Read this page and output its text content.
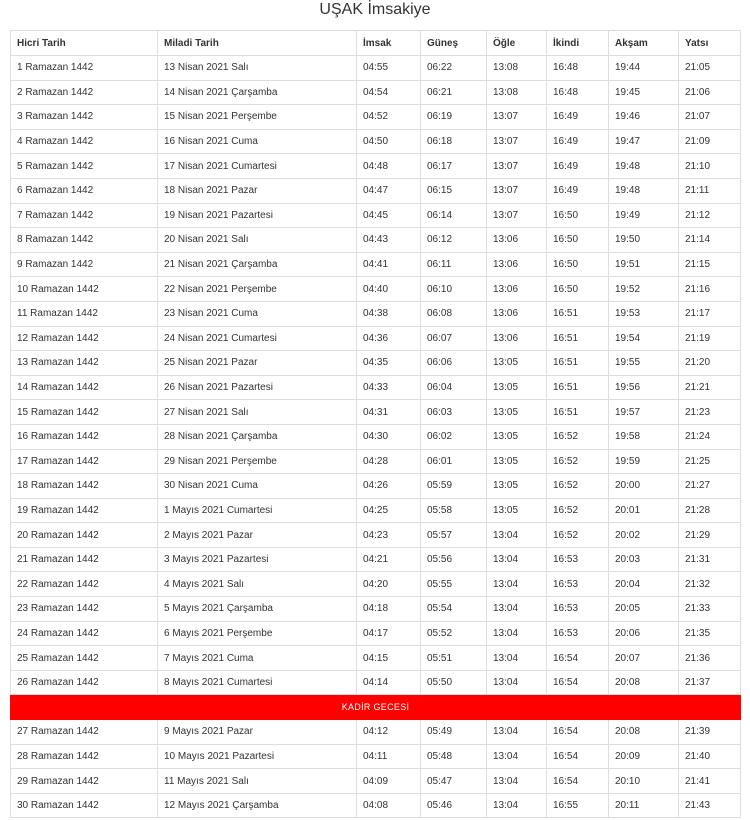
UŞAK İmsakiye
Hicri Tarih	Miladi Tarih	İmsak	Güneş	Öğle	İkindi	Akşam	Yatsı
1 Ramazan 1442	13 Nisan 2021 Salı	04:55	06:22	13:08	16:48	19:44	21:05
2 Ramazan 1442	14 Nisan 2021 Çarşamba	04:54	06:21	13:08	16:48	19:45	21:06
3 Ramazan 1442	15 Nisan 2021 Perşembe	04:52	06:19	13:07	16:49	19:46	21:07
4 Ramazan 1442	16 Nisan 2021 Cuma	04:50	06:18	13:07	16:49	19:47	21:09
5 Ramazan 1442	17 Nisan 2021 Cumartesi	04:48	06:17	13:07	16:49	19:48	21:10
6 Ramazan 1442	18 Nisan 2021 Pazar	04:47	06:15	13:07	16:49	19:48	21:11
7 Ramazan 1442	19 Nisan 2021 Pazartesi	04:45	06:14	13:07	16:50	19:49	21:12
8 Ramazan 1442	20 Nisan 2021 Salı	04:43	06:12	13:06	16:50	19:50	21:14
9 Ramazan 1442	21 Nisan 2021 Çarşamba	04:41	06:11	13:06	16:50	19:51	21:15
10 Ramazan 1442	22 Nisan 2021 Perşembe	04:40	06:10	13:06	16:50	19:52	21:16
11 Ramazan 1442	23 Nisan 2021 Cuma	04:38	06:08	13:06	16:51	19:53	21:17
12 Ramazan 1442	24 Nisan 2021 Cumartesi	04:36	06:07	13:06	16:51	19:54	21:19
13 Ramazan 1442	25 Nisan 2021 Pazar	04:35	06:06	13:05	16:51	19:55	21:20
14 Ramazan 1442	26 Nisan 2021 Pazartesi	04:33	06:04	13:05	16:51	19:56	21:21
15 Ramazan 1442	27 Nisan 2021 Salı	04:31	06:03	13:05	16:51	19:57	21:23
16 Ramazan 1442	28 Nisan 2021 Çarşamba	04:30	06:02	13:05	16:52	19:58	21:24
17 Ramazan 1442	29 Nisan 2021 Perşembe	04:28	06:01	13:05	16:52	19:59	21:25
18 Ramazan 1442	30 Nisan 2021 Cuma	04:26	05:59	13:05	16:52	20:00	21:27
19 Ramazan 1442	1 Mayıs 2021 Cumartesi	04:25	05:58	13:05	16:52	20:01	21:28
20 Ramazan 1442	2 Mayıs 2021 Pazar	04:23	05:57	13:04	16:52	20:02	21:29
21 Ramazan 1442	3 Mayıs 2021 Pazartesi	04:21	05:56	13:04	16:53	20:03	21:31
22 Ramazan 1442	4 Mayıs 2021 Salı	04:20	05:55	13:04	16:53	20:04	21:32
23 Ramazan 1442	5 Mayıs 2021 Çarşamba	04:18	05:54	13:04	16:53	20:05	21:33
24 Ramazan 1442	6 Mayıs 2021 Perşembe	04:17	05:52	13:04	16:53	20:06	21:35
25 Ramazan 1442	7 Mayıs 2021 Cuma	04:15	05:51	13:04	16:54	20:07	21:36
26 Ramazan 1442	8 Mayıs 2021 Cumartesi	04:14	05:50	13:04	16:54	20:08	21:37
KADİR GECESİ							
27 Ramazan 1442	9 Mayıs 2021 Pazar	04:12	05:49	13:04	16:54	20:08	21:39
28 Ramazan 1442	10 Mayıs 2021 Pazartesi	04:11	05:48	13:04	16:54	20:09	21:40
29 Ramazan 1442	11 Mayıs 2021 Salı	04:09	05:47	13:04	16:54	20:10	21:41
30 Ramazan 1442	12 Mayıs 2021 Çarşamba	04:08	05:46	13:04	16:55	20:11	21:43
